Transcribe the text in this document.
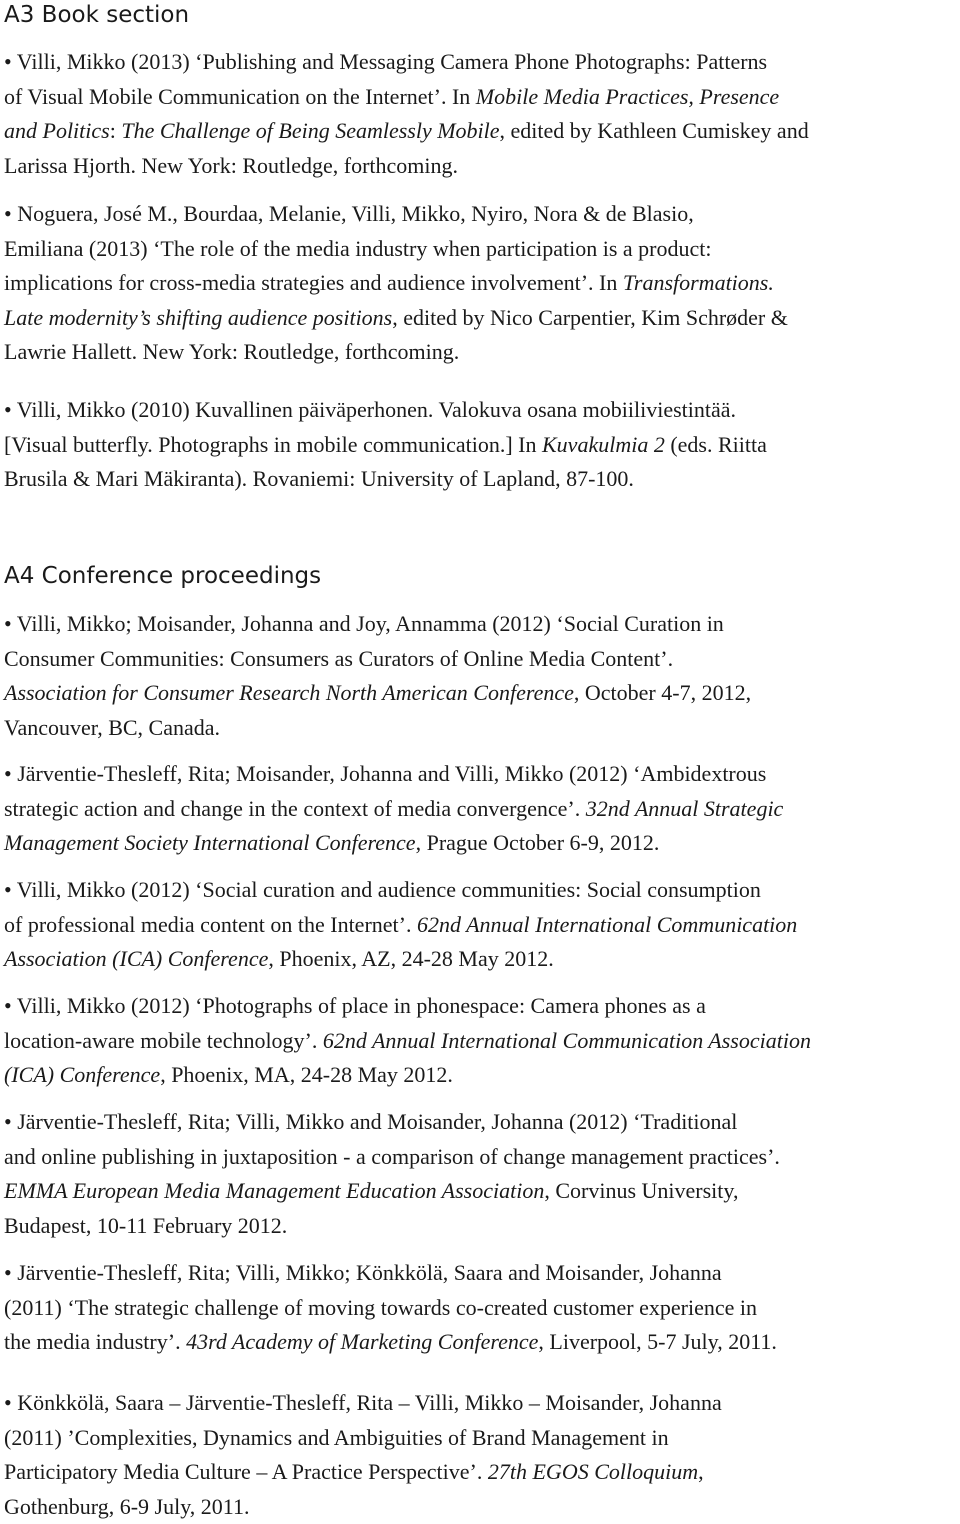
A3 Book section
• Villi, Mikko (2013) ‘Publishing and Messaging Camera Phone Photographs: Patterns
of Visual Mobile Communication on the Internet’. In Mobile Media Practices, Presence
and Politics: The Challenge of Being Seamlessly Mobile, edited by Kathleen Cumiskey and
Larissa Hjorth. New York: Routledge, forthcoming.
• Noguera, José M., Bourdaa, Melanie, Villi, Mikko, Nyiro, Nora & de Blasio,
Emiliana (2013) ‘The role of the media industry when participation is a product:
implications for cross-media strategies and audience involvement’. In Transformations.
Late modernity’s shifting audience positions, edited by Nico Carpentier, Kim Schrøder &
Lawrie Hallett. New York: Routledge, forthcoming.
• Villi, Mikko (2010) Kuvallinen päiväperhonen. Valokuva osana mobiiliviestintää.
[Visual butterfly. Photographs in mobile communication.] In Kuvakulmia 2 (eds. Riitta
Brusila & Mari Mäkiranta). Rovaniemi: University of Lapland, 87-100.
A4 Conference proceedings
• Villi, Mikko; Moisander, Johanna and Joy, Annamma (2012) ‘Social Curation in
Consumer Communities: Consumers as Curators of Online Media Content’.
Association for Consumer Research North American Conference, October 4-7, 2012,
Vancouver, BC, Canada.
• Järventie-Thesleff, Rita; Moisander, Johanna and Villi, Mikko (2012) ‘Ambidextrous
strategic action and change in the context of media convergence’. 32nd Annual Strategic
Management Society International Conference, Prague October 6-9, 2012.
• Villi, Mikko (2012) ‘Social curation and audience communities: Social consumption
of professional media content on the Internet’. 62nd Annual International Communication
Association (ICA) Conference, Phoenix, AZ, 24-28 May 2012.
• Villi, Mikko (2012) ‘Photographs of place in phonespace: Camera phones as a
location-aware mobile technology’. 62nd Annual International Communication Association
(ICA) Conference, Phoenix, MA, 24-28 May 2012.
• Järventie-Thesleff, Rita; Villi, Mikko and Moisander, Johanna (2012) ‘Traditional
and online publishing in juxtaposition - a comparison of change management practices’.
EMMA European Media Management Education Association, Corvinus University,
Budapest, 10-11 February 2012.
• Järventie-Thesleff, Rita; Villi, Mikko; Könkkölä, Saara and Moisander, Johanna
(2011) ‘The strategic challenge of moving towards co-created customer experience in
the media industry’. 43rd Academy of Marketing Conference, Liverpool, 5-7 July, 2011.
• Könkkölä, Saara – Järventie-Thesleff, Rita – Villi, Mikko – Moisander, Johanna
(2011) ’Complexities, Dynamics and Ambiguities of Brand Management in
Participatory Media Culture – A Practice Perspective’. 27th EGOS Colloquium,
Gothenburg, 6-9 July, 2011.
